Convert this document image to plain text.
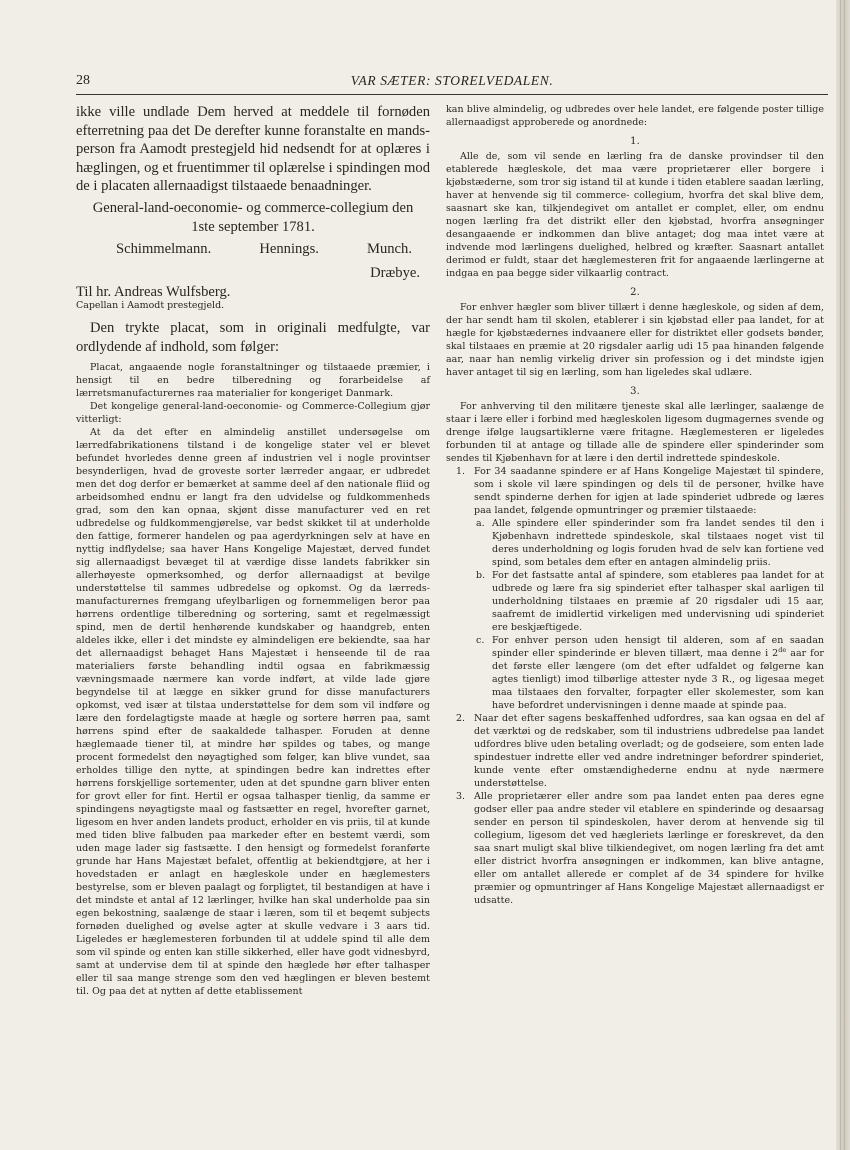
28	VAR SÆTER: STORELVEDALEN.

ikke ville undlade Dem herved at meddele til fornøden efterretning paa det De derefter kunne foranstalte en mands-person fra Aamodt prestegjeld hid nedsendt for at oplæres i hæglingen, og et fruentimmer til oplærelse i spindingen mod de i placaten allernaadigst tilstaaede benaadninger.

General-land-oeconomie- og commerce-collegium den 1ste september 1781.

Schimmelmann.	Hennings.	Munch.

Dræbye.

Til hr. Andreas Wulfsberg.

Capellan i Aamodt prestegjeld.

Den trykte placat, som in originali medfulgte, var ordlydende af indhold, som følger:

Placat, angaaende nogle foranstaltninger og tilstaaede præmier, i hensigt til en bedre tilberedning og forarbeidelse af lærretsmanufacturernes raa materialier for kongeriget Danmark.

Det kongelige general-land-oeconomie- og Commerce-Collegium gjør vitterligt:

At da det efter en almindelig anstillet undersøgelse om lærredfabrikationens tilstand i de kongelige stater vel er blevet befundet hvorledes denne green af industrien vel i nogle provintser besynderligen, hvad de groveste sorter lærreder angaar, er udbredet men det dog derfor er bemærket at samme deel af den nationale fliid og arbeidsomhed endnu er langt fra den udvidelse og fuldkommenheds grad, som den kan opnaa, skjønt disse manufacturer ved en ret udbredelse og fuldkommengjørelse, var bedst skikket til at underholde den fattige, formerer handelen og paa agerdyrkningen selv at have en nyttig indflydelse; saa haver Hans Kongelige Majestæt, derved fundet sig allernaadigst bevæget til at værdige disse landets fabrikker sin allerhøyeste opmerksomhed, og derfor allernaadigst at bevilge understøttelse til sammes udbredelse og opkomst. Og da lærreds- manufacturernes fremgang ufeylbarligen og fornemmeligen beror paa hørrens ordentlige tilberedning og sortering, samt et regelmæssigt spind, men de dertil henhørende kundskaber og haandgreb, enten aldeles ikke, eller i det mindste ey almindeligen ere bekiendte, saa har det allernaadigst behaget Hans Majestæt i henseende til de raa materialiers første behandling indtil ogsaa en fabrikmæssig vævningsmaade nærmere kan vorde indført, at vilde lade gjøre begyndelse til at lægge en sikker grund for disse manufacturers opkomst, ved især at tilstaa understøttelse for dem som vil indføre og lære den fordelagtigste maade at hægle og sortere hørren paa, samt hørrens spind efter de saakaldede talhasper. Foruden at denne hæglemaade tiener til, at mindre hør spildes og tabes, og mange procent formedelst den nøyagtighed som følger, kan blive vundet, saa erholdes tillige den nytte, at spindingen bedre kan indrettes efter hørrens forskjellige sortementer, uden at det spundne garn bliver enten for grovt eller for fint. Hertil er ogsaa talhasper tienlig, da samme er spindingens nøyagtigste maal og fastsætter en regel, hvorefter garnet, ligesom en hver anden landets product, erholder en vis priis, til at kunde med tiden blive falbuden paa markeder efter en bestemt værdi, som uden mage lader sig fastsætte. I den hensigt og formedelst foranførte grunde har Hans Majestæt befalet, offentlig at bekiendtgjøre, at her i hovedstaden er anlagt en hægleskole under en hæglemesters bestyrelse, som er bleven paalagt og forpligtet, til bestandigen at have i det mindste et antal af 12 lærlinger, hvilke han skal underholde paa sin egen bekostning, saalænge de staar i læren, som til et beqemt subjects fornøden duelighed og øvelse agter at skulle vedvare i 3 aars tid. Ligeledes er hæglemesteren forbunden til at uddele spind til alle dem som vil spinde og enten kan stille sikkerhed, eller have godt vidnesbyrd, samt at undervise dem til at spinde den hæglede hør efter talhasper eller til saa mange strenge som den ved hæglingen er bleven bestemt til. Og paa det at nytten af dette etablissement

kan blive almindelig, og udbredes over hele landet, ere følgende poster tillige allernaadigst approberede og anordnede:

1.

Alle de, som vil sende en lærling fra de danske provindser til den etablerede hægleskole, det maa være proprietærer eller borgere i kjøbstæderne, som tror sig istand til at kunde i tiden etablere saadan lærling, haver at henvende sig til commerce- collegium, hvorfra det skal blive dem, saasnart ske kan, tilkjendegivet om antallet er complet, eller, om endnu nogen lærling fra det distrikt eller den kjøbstad, hvorfra ansøgninger desangaaende er indkommen dan blive antaget; dog maa intet være at indvende mod lærlingens duelighed, helbred og kræfter. Saasnart antallet derimod er fuldt, staar det hæglemesteren frit for angaaende lærlingerne at indgaa en paa begge sider vilkaarlig contract.

2.

For enhver hægler som bliver tillært i denne hægleskole, og siden af dem, der har sendt ham til skolen, etablerer i sin kjøbstad eller paa landet, for at hægle for kjøbstædernes indvaanere eller for distriktet eller godsets bønder, skal tilstaaes en præmie at 20 rigsdaler aarlig udi 15 paa hinanden følgende aar, naar han nemlig virkelig driver sin profession og i det mindste igjen haver antaget til sig en lærling, som han ligeledes skal udlære.

3.

For anhverving til den militære tjeneste skal alle lærlinger, saalænge de staar i lære eller i forbind med hægleskolen ligesom dugmagernes svende og drenge ifølge laugsartiklerne være fritagne. Hæglemesteren er ligeledes forbunden til at antage og tillade alle de spindere eller spinderinder som sendes til Kjøbenhavn for at lære i den dertil indrettede spindeskole.

1. For 34 saadanne spindere er af Hans Kongelige Majestæt til spindere, som i skole vil lære spindingen og dels til de personer, hvilke have sendt spinderne derhen for igjen at lade spinderiet udbrede og læres paa landet, følgende opmuntringer og præmier tilstaaede:
a. Alle spindere eller spinderinder som fra landet sendes til den i Kjøbenhavn indrettede spindeskole, skal tilstaaes noget vist til deres underholdning og logis foruden hvad de selv kan fortiene ved spind, som betales dem efter en antagen almindelig priis.
b. For det fastsatte antal af spindere, som etableres paa landet for at udbrede og lære fra sig spinderiet efter talhasper skal aarligen til underholdning tilstaaes en præmie af 20 rigsdaler udi 15 aar, saafremt de imidlertid virkeligen med undervisning udi spinderiet ere beskjæftigede.
c. For enhver person uden hensigt til alderen, som af en saadan spinder eller spinderinde er bleven tillært, maa denne i 2de aar for det første eller længere (om det efter udfaldet og følgerne kan agtes tienligt) imod tilbørlige attester nyde 3 R., og ligesaa meget maa tilstaaes den forvalter, forpagter eller skolemester, som kan have befordret undervisningen i denne maade at spinde paa.
2. Naar det efter sagens beskaffenhed udfordres, saa kan ogsaa en del af det værktøi og de redskaber, som til industriens udbredelse paa landet udfordres blive uden betaling overladt; og de godseiere, som enten lade spindestuer indrette eller ved andre indretninger befordrer spinderiet, kunde vente efter omstændighederne endnu at nyde nærmere understøttelse.
3. Alle proprietærer eller andre som paa landet enten paa deres egne godser eller paa andre steder vil etablere en spinderinde og desaarsag sender en person til spindeskolen, haver derom at henvende sig til collegium, ligesom det ved hægleriets lærlinge er foreskrevet, da den saa snart muligt skal blive tilkiendegivet, om nogen lærling fra det amt eller district hvorfra ansøgningen er indkommen, kan blive antagne, eller om antallet allerede er complet af de 34 spindere for hvilke præmier og opmuntringer af Hans Kongelige Majestæt allernaadigst er udsatte.
